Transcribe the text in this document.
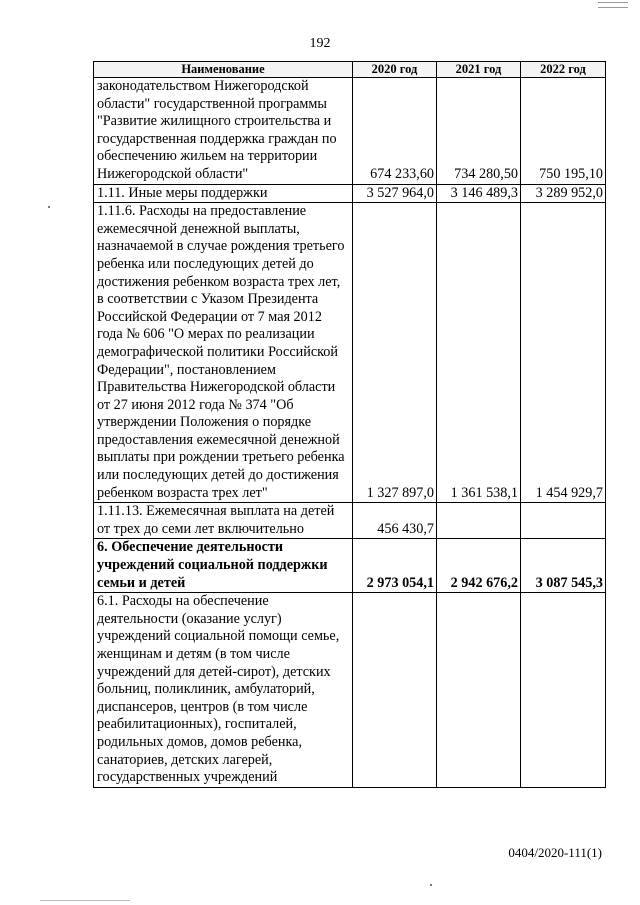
192
Наименование	2020 год	2021 год	2022 год
законодательством Нижегородской области" государственной программы "Развитие жилищного строительства и государственная поддержка граждан по обеспечению жильем на территории Нижегородской области"	674 233,60	734 280,50	750 195,10
1.11. Иные меры поддержки	3 527 964,0	3 146 489,3	3 289 952,0
1.11.6. Расходы на предоставление ежемесячной денежной выплаты, назначаемой в случае рождения третьего ребенка или последующих детей до достижения ребенком возраста трех лет, в соответствии с Указом Президента Российской Федерации от 7 мая 2012 года № 606 "О мерах по реализации демографической политики Российской Федерации", постановлением Правительства Нижегородской области от 27 июня 2012 года № 374 "Об утверждении Положения о порядке предоставления ежемесячной денежной выплаты при рождении третьего ребенка или последующих детей до достижения ребенком возраста трех лет"	1 327 897,0	1 361 538,1	1 454 929,7
1.11.13. Ежемесячная выплата на детей от трех до семи лет включительно	456 430,7		
6. Обеспечение деятельности учреждений социальной поддержки семьи и детей	2 973 054,1	2 942 676,2	3 087 545,3
6.1. Расходы на обеспечение деятельности (оказание услуг) учреждений социальной помощи семье, женщинам и детям (в том числе учреждений для детей-сирот), детских больниц, поликлиник, амбулаторий, диспансеров, центров (в том числе реабилитационных), госпиталей, родильных домов, домов ребенка, санаториев, детских лагерей, государственных учреждений			
0404/2020-111(1)
